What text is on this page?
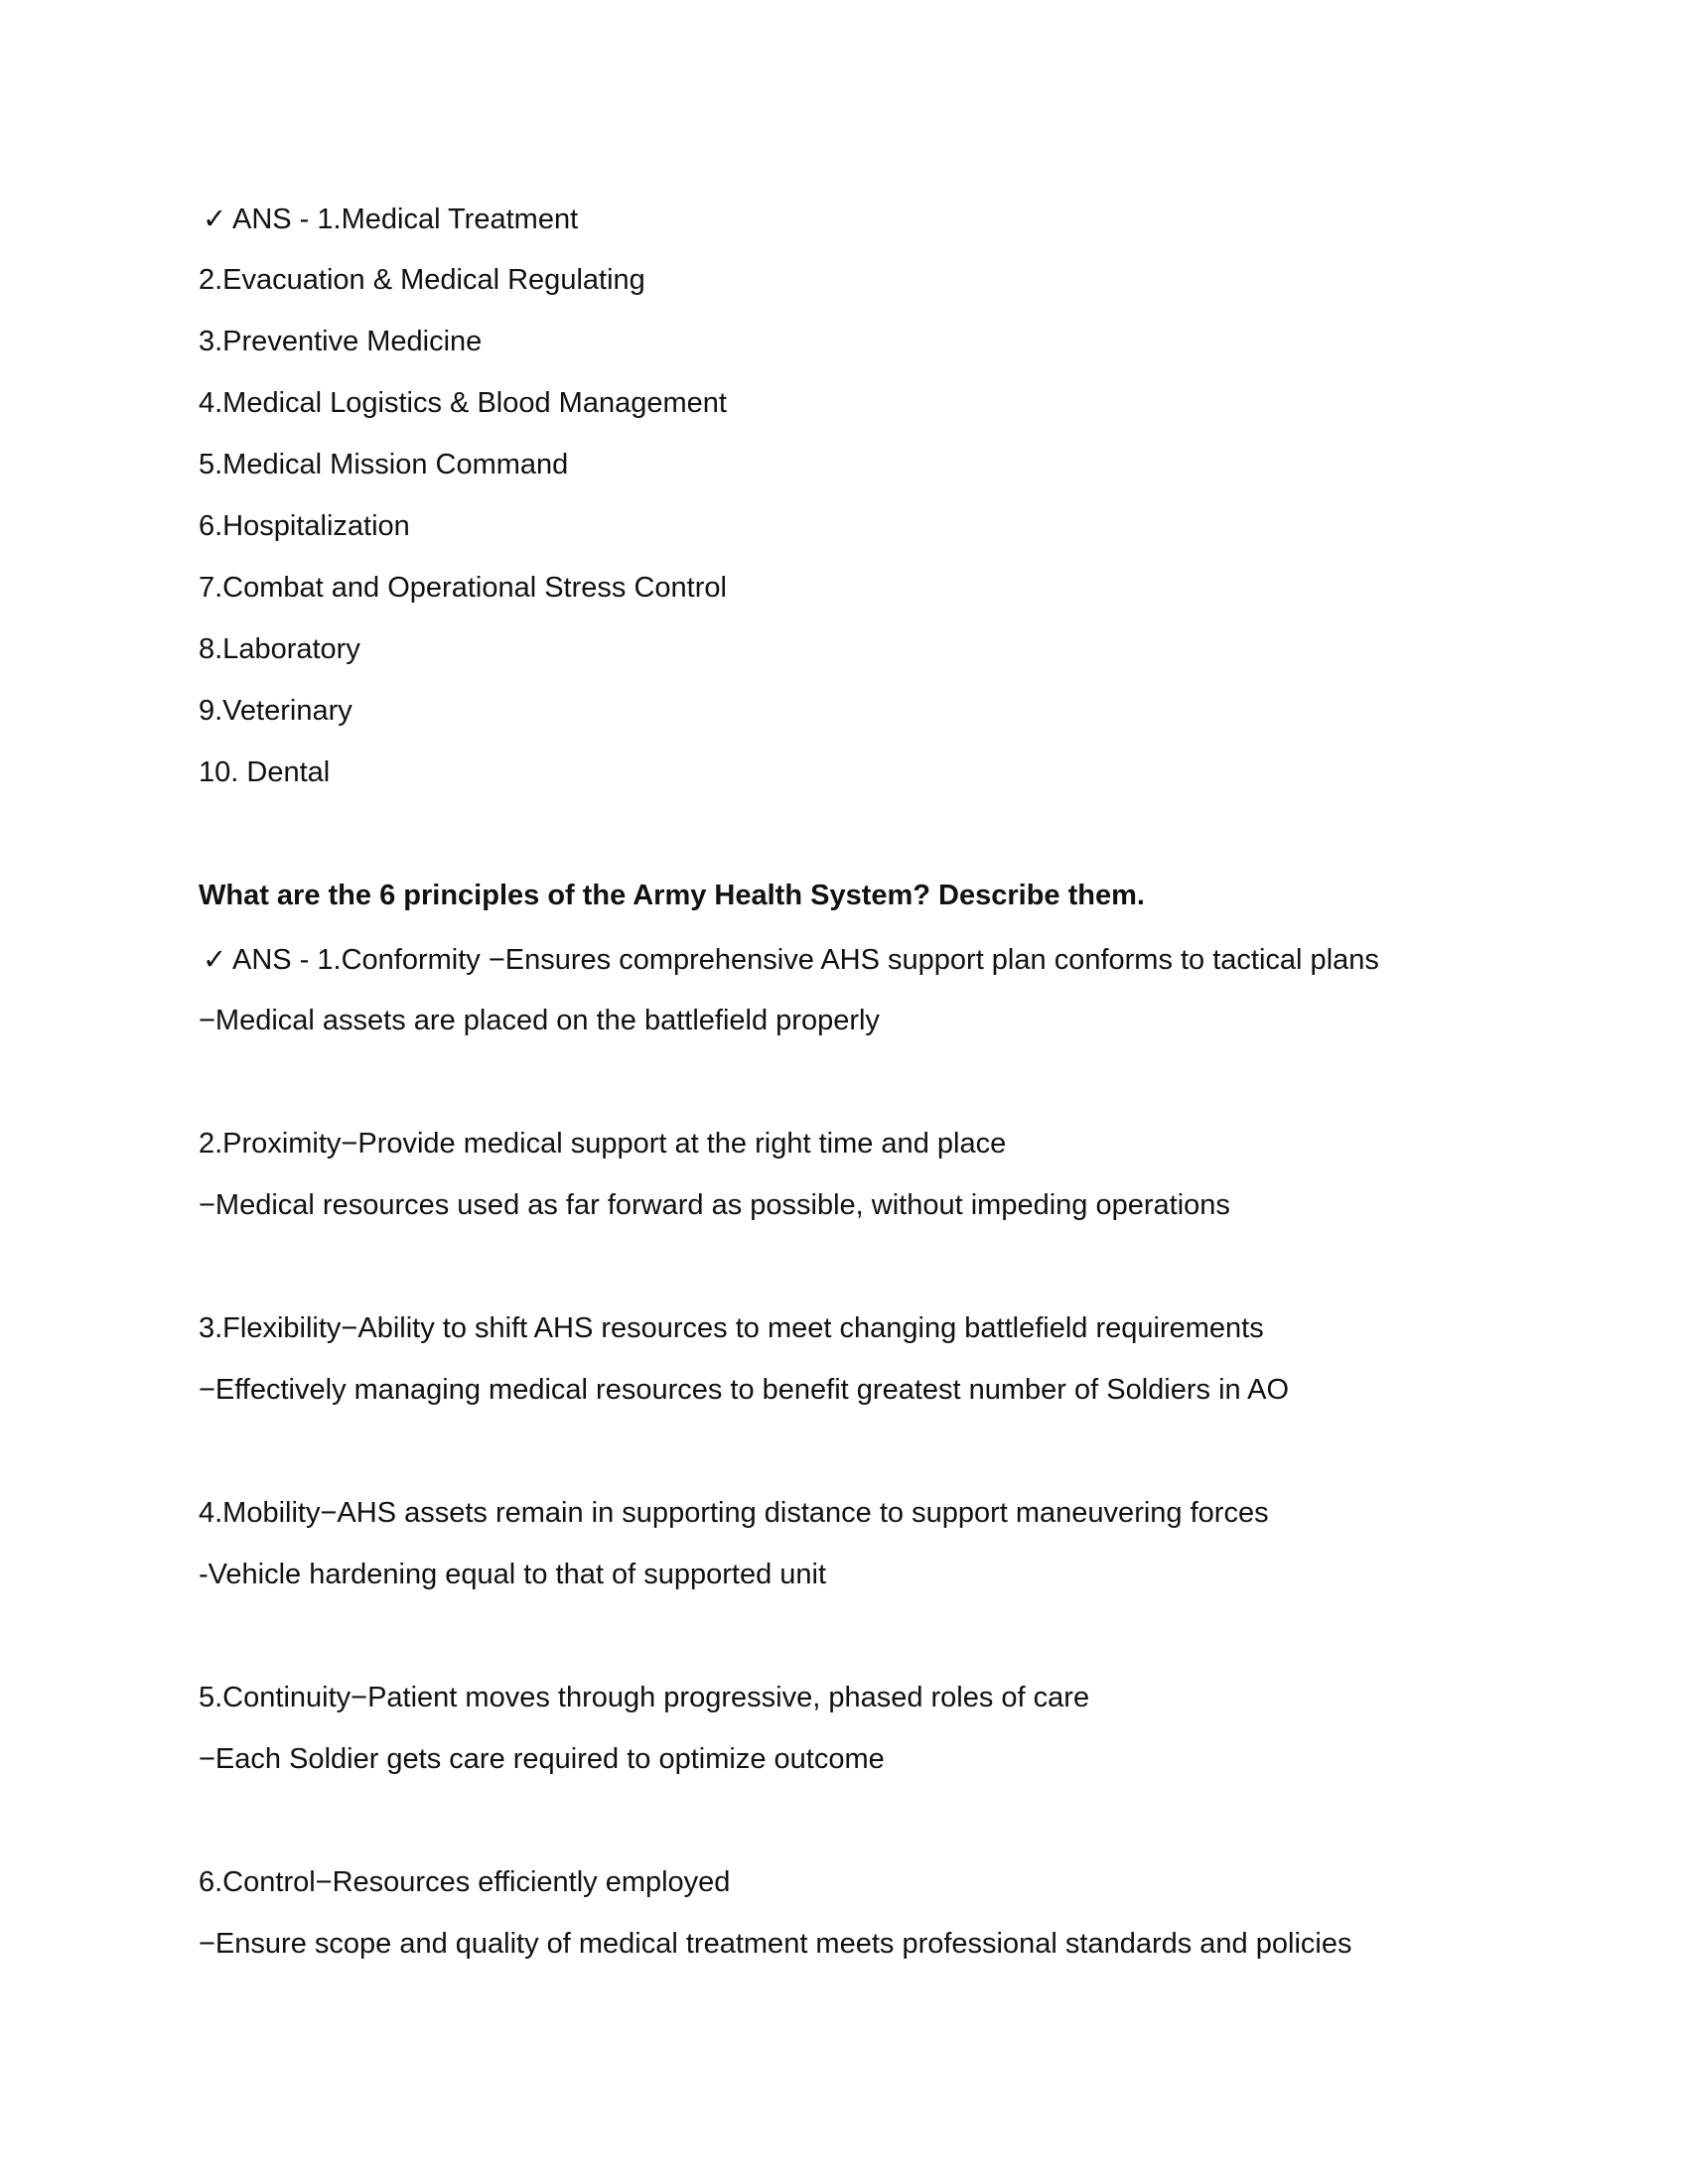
✓ ANS - 1.Medical Treatment
2.Evacuation & Medical Regulating
3.Preventive Medicine
4.Medical Logistics & Blood Management
5.Medical Mission Command
6.Hospitalization
7.Combat and Operational Stress Control
8.Laboratory
9.Veterinary
10. Dental
What are the 6 principles of the Army Health System? Describe them.
✓ ANS - 1.Conformity −Ensures comprehensive AHS support plan conforms to tactical plans
−Medical assets are placed on the battlefield properly
2.Proximity−Provide medical support at the right time and place
−Medical resources used as far forward as possible, without impeding operations
3.Flexibility−Ability to shift AHS resources to meet changing battlefield requirements
−Effectively managing medical resources to benefit greatest number of Soldiers in AO
4.Mobility−AHS assets remain in supporting distance to support maneuvering forces
-Vehicle hardening equal to that of supported unit
5.Continuity−Patient moves through progressive, phased roles of care
−Each Soldier gets care required to optimize outcome
6.Control−Resources efficiently employed
−Ensure scope and quality of medical treatment meets professional standards and policies
